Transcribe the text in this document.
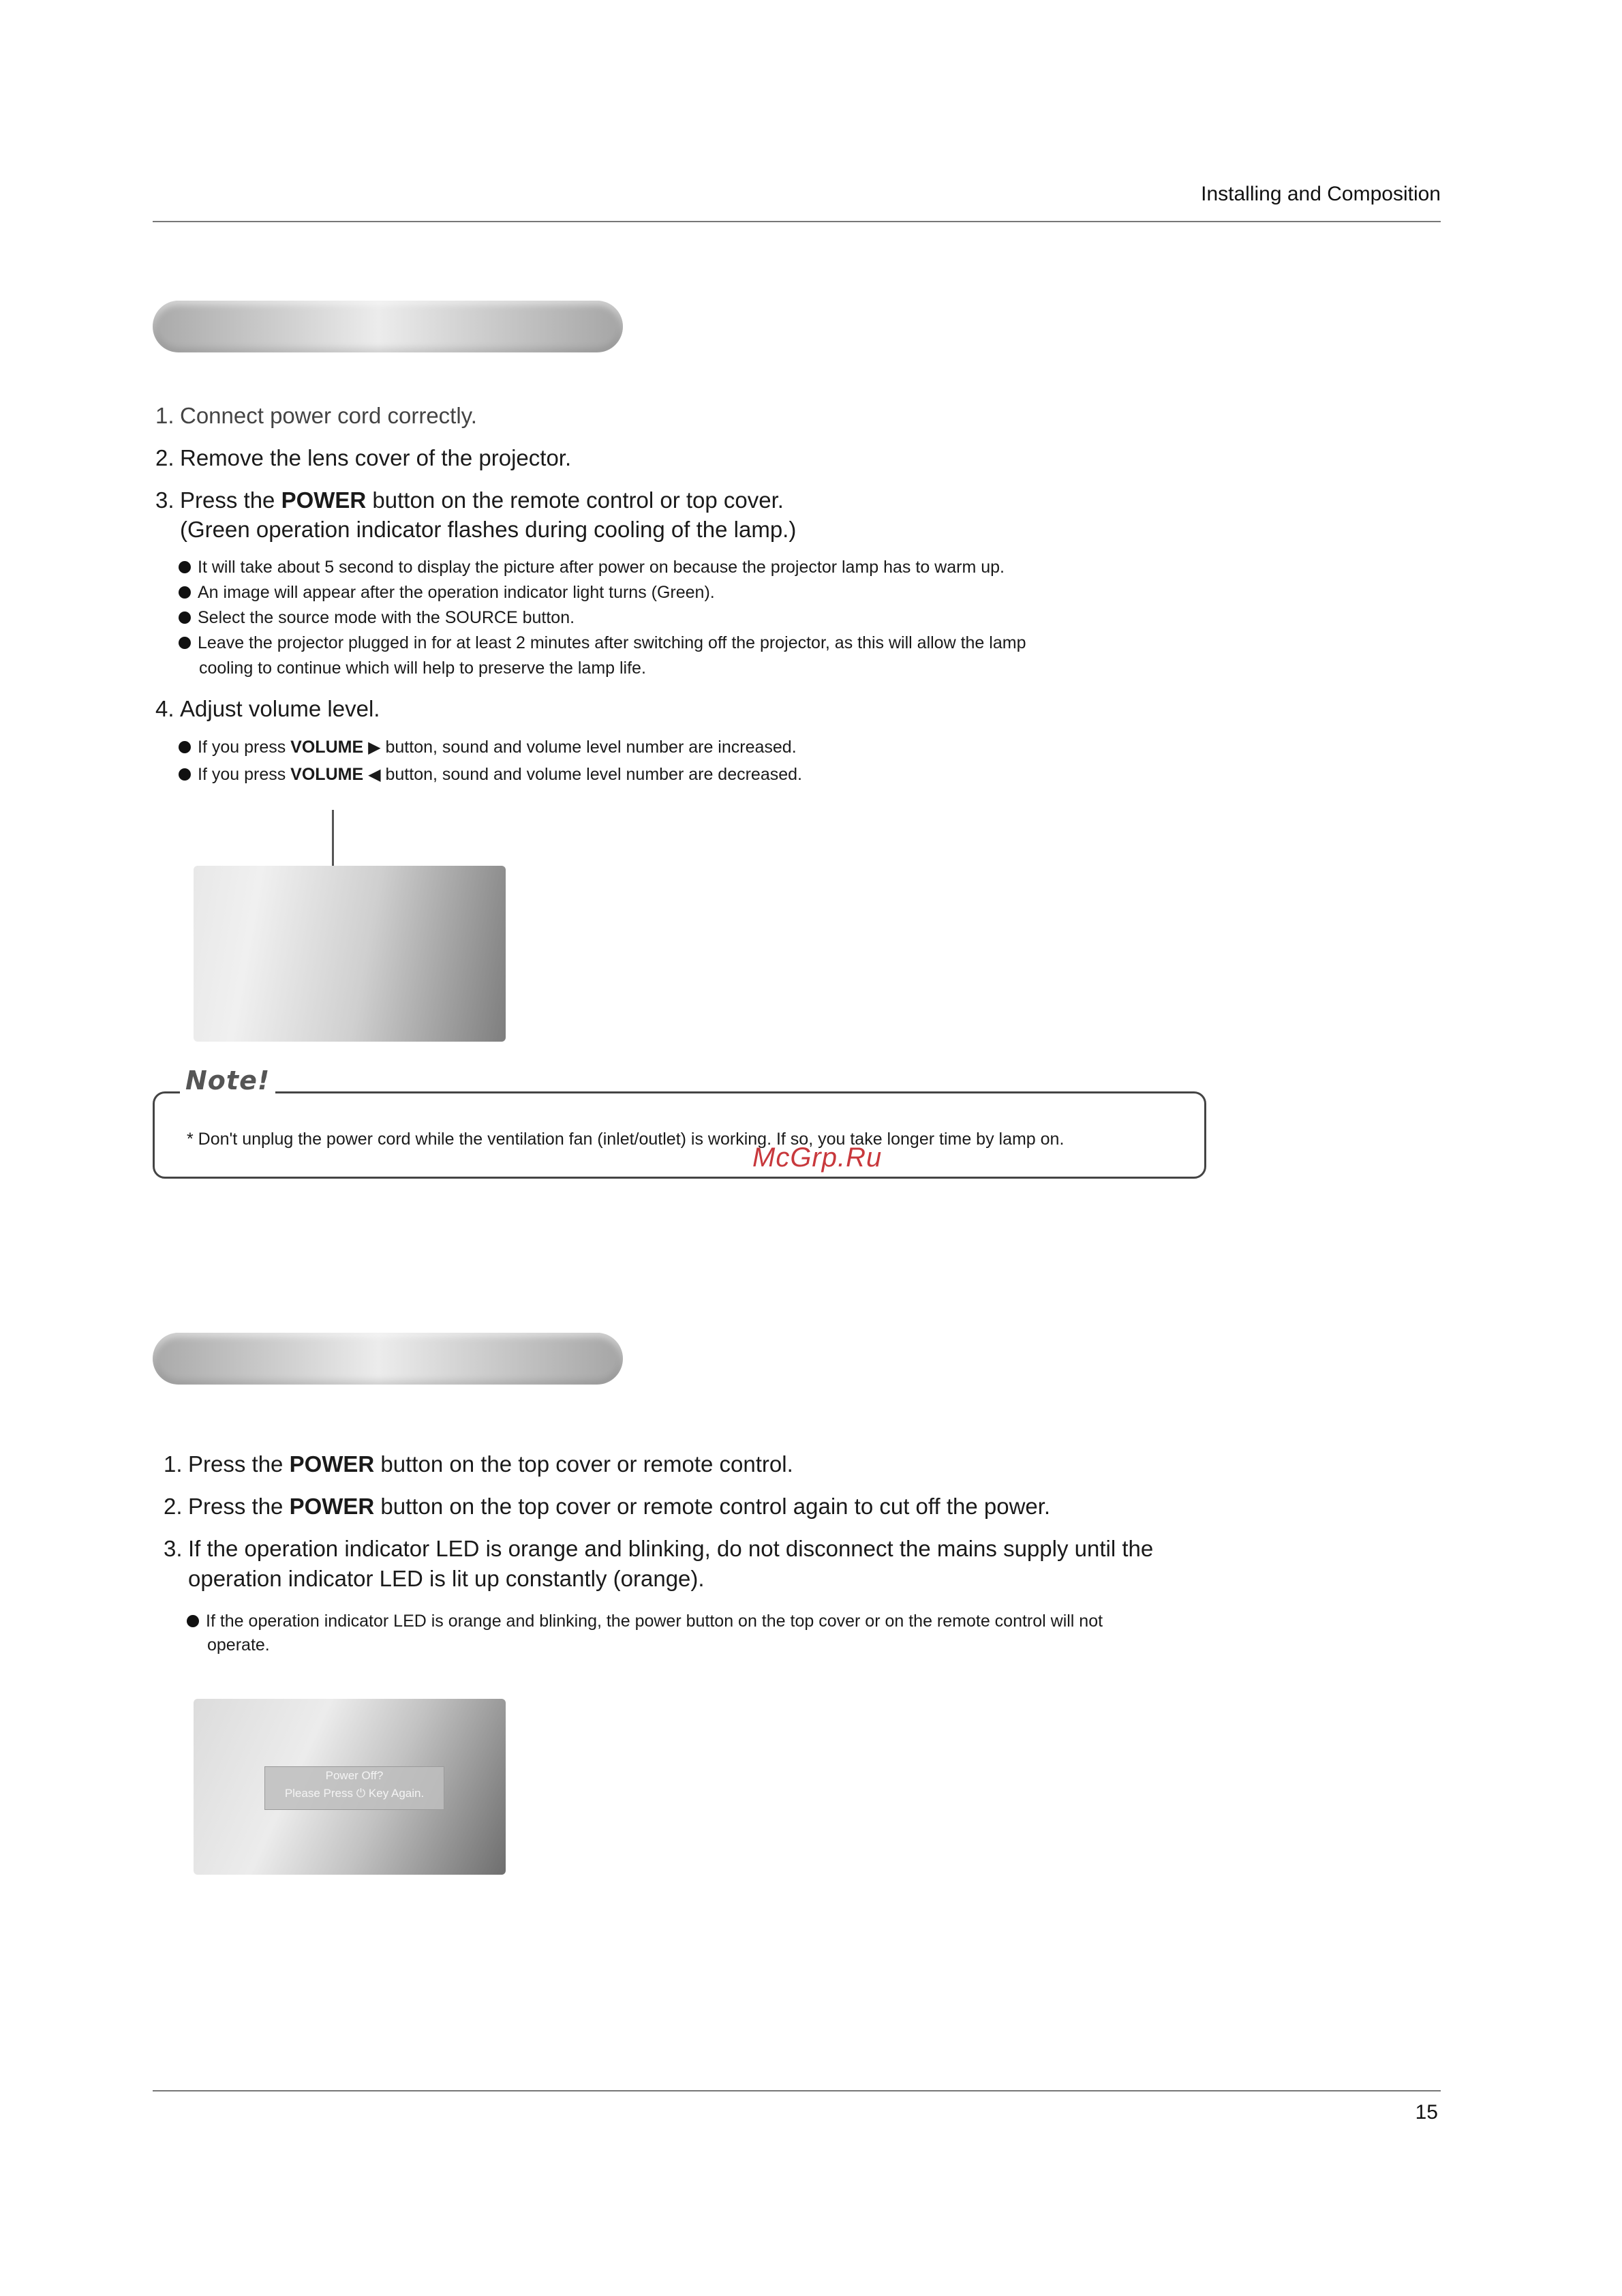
Installing and Composition
1. Connect power cord correctly.
2. Remove the lens cover of the projector.
3. Press the POWER button on the remote control or top cover.
(Green operation indicator flashes during cooling of the lamp.)
It will take about 5 second to display the picture after power on because the projector lamp has to warm up.
An image will appear after the operation indicator light turns (Green).
Select the source mode with the SOURCE button.
Leave the projector plugged in for at least 2 minutes after switching off the projector, as this will allow the lamp
cooling to continue which will help to preserve the lamp life.
4. Adjust volume level.
If you press VOLUME ▶ button, sound and volume level number are increased.
If you press VOLUME ◀ button, sound and volume level number are decreased.
Note!
* Don't unplug the power cord while the ventilation fan (inlet/outlet) is working. If so, you take longer time by lamp on.
McGrp.Ru
1. Press the POWER button on the top cover or remote control.
2. Press the POWER button on the top cover or remote control again to cut off the power.
3. If the operation indicator LED is orange and blinking, do not disconnect the mains supply until the
operation indicator LED is lit up constantly (orange).
If the operation indicator LED is orange and blinking, the power button on the top cover or on the remote control will not
operate.
Power Off?
Please Press ⏻ Key Again.
15
